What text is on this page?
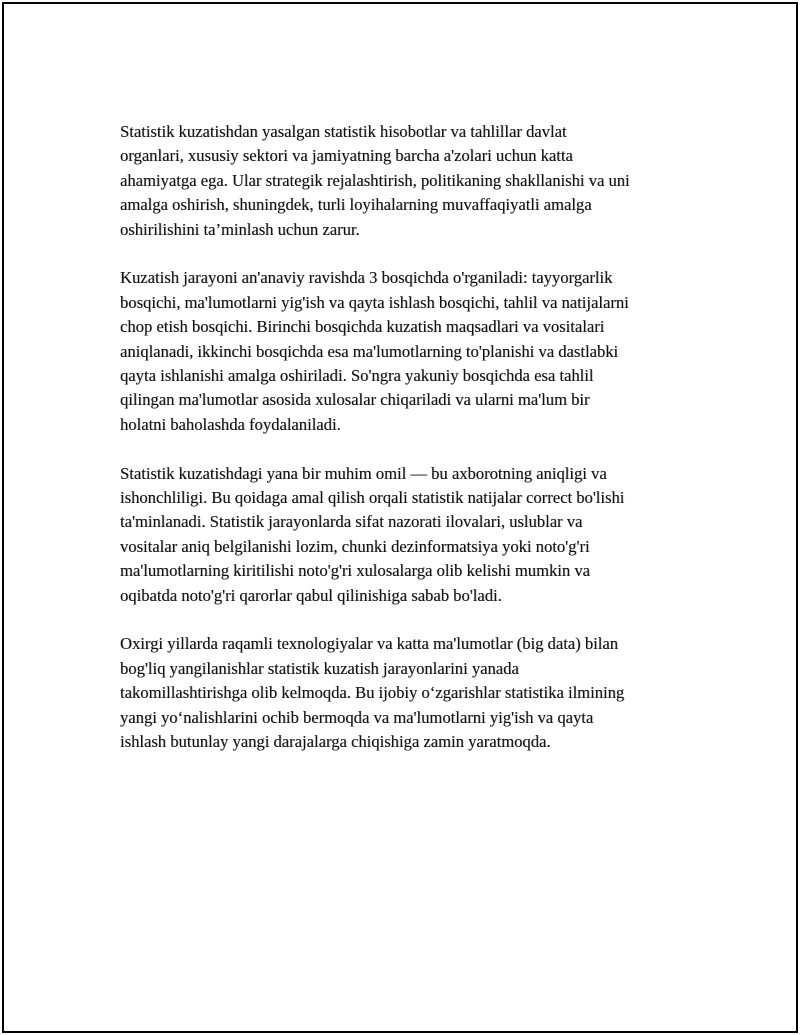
Statistik kuzatishdan yasalgan statistik hisobotlar va tahlillar davlat
organlari, xususiy sektori va jamiyatning barcha a'zolari uchun katta
ahamiyatga ega. Ular strategik rejalashtirish, politikaning shakllanishi va uni
amalga oshirish, shuningdek, turli loyihalarning muvaffaqiyatli amalga
oshirilishini ta’minlash uchun zarur.

Kuzatish jarayoni an'anaviy ravishda 3 bosqichda o'rganiladi: tayyorgarlik
bosqichi, ma'lumotlarni yig'ish va qayta ishlash bosqichi, tahlil va natijalarni
chop etish bosqichi. Birinchi bosqichda kuzatish maqsadlari va vositalari
aniqlanadi, ikkinchi bosqichda esa ma'lumotlarning to'planishi va dastlabki
qayta ishlanishi amalga oshiriladi. So'ngra yakuniy bosqichda esa tahlil
qilingan ma'lumotlar asosida xulosalar chiqariladi va ularni ma'lum bir
holatni baholashda foydalaniladi.

Statistik kuzatishdagi yana bir muhim omil — bu axborotning aniqligi va
ishonchliligi. Bu qoidaga amal qilish orqali statistik natijalar correct bo'lishi
ta'minlanadi. Statistik jarayonlarda sifat nazorati ilovalari, uslublar va
vositalar aniq belgilanishi lozim, chunki dezinformatsiya yoki noto'g'ri
ma'lumotlarning kiritilishi noto'g'ri xulosalarga olib kelishi mumkin va
oqibatda noto'g'ri qarorlar qabul qilinishiga sabab bo'ladi.

Oxirgi yillarda raqamli texnologiyalar va katta ma'lumotlar (big data) bilan
bog'liq yangilanishlar statistik kuzatish jarayonlarini yanada
takomillashtirishga olib kelmoqda. Bu ijobiy o‘zgarishlar statistika ilmining
yangi yo‘nalishlarini ochib bermoqda va ma'lumotlarni yig'ish va qayta
ishlash butunlay yangi darajalarga chiqishiga zamin yaratmoqda.
